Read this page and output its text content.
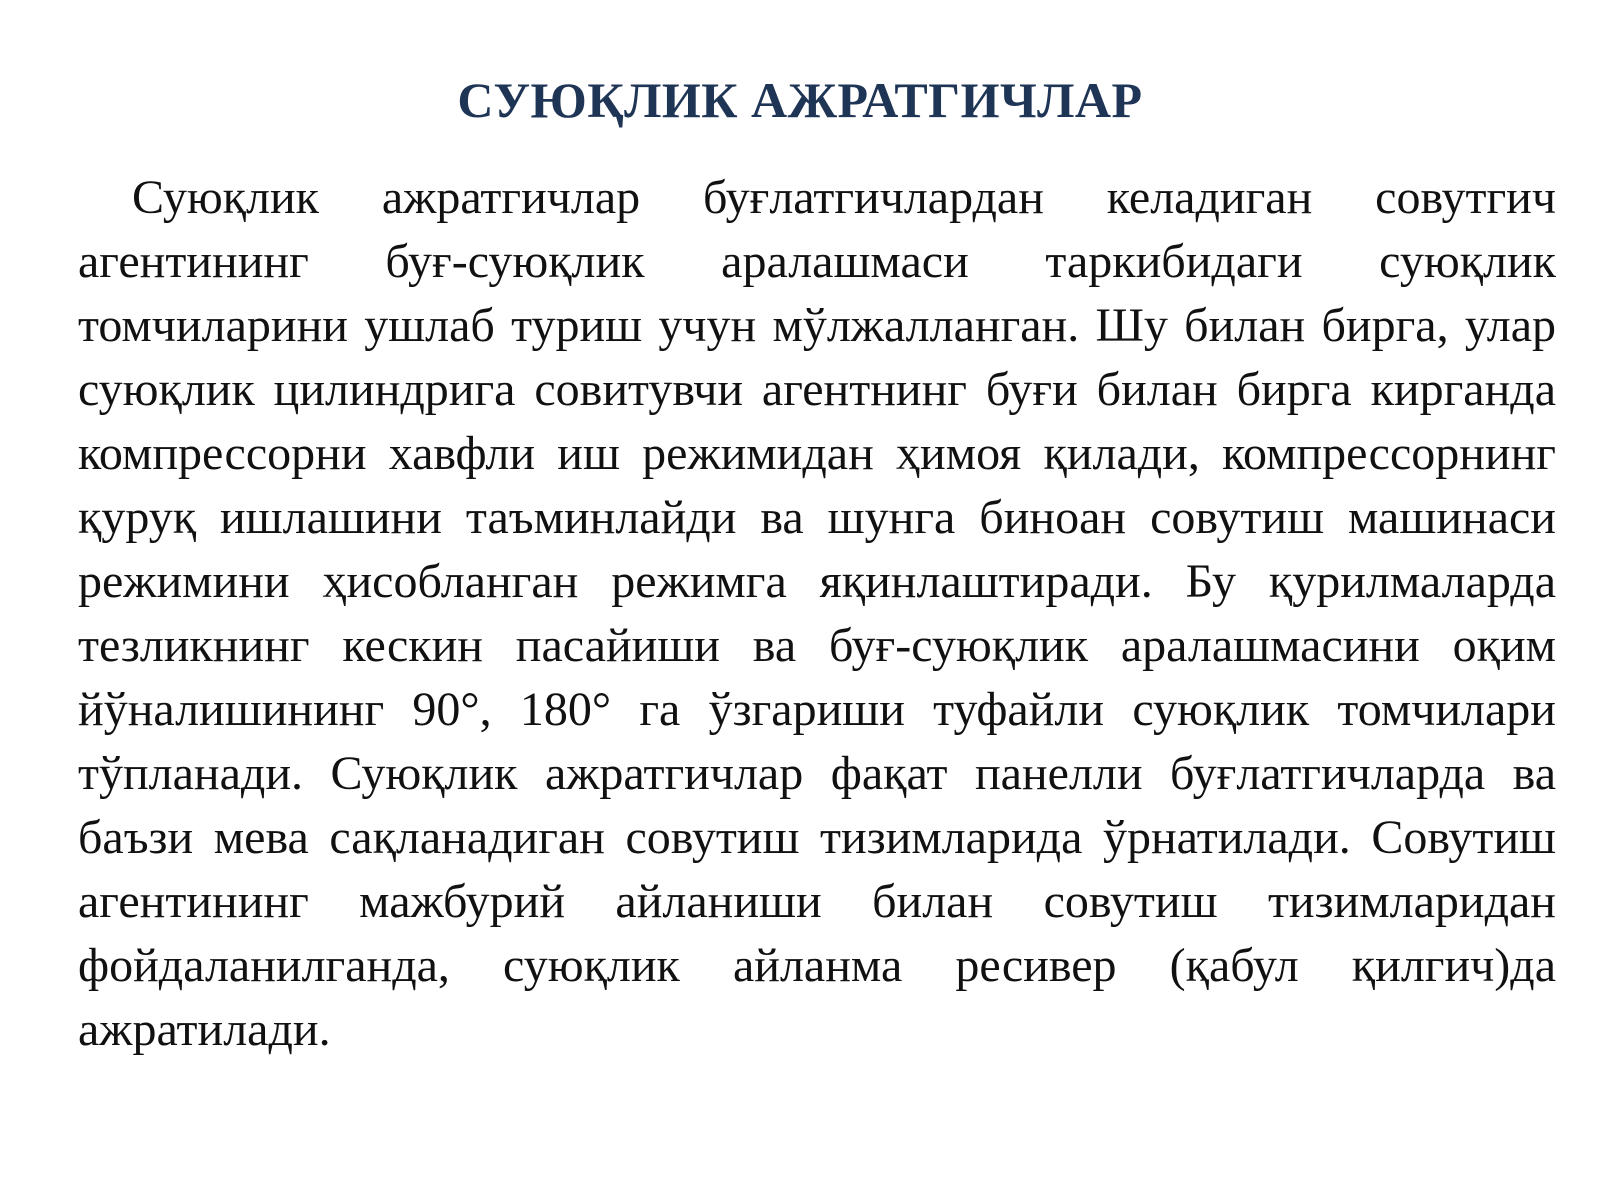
СУЮҚЛИК АЖРАТГИЧЛАР

Суюқлик ажратгичлар буғлатгичлардан келадиган совутгич агентининг буғ-суюқлик аралашмаси таркибидаги суюқлик томчиларини ушлаб туриш учун мўлжалланган. Шу билан бирга, улар суюқлик цилиндрига совитувчи агентнинг буғи билан бирга кирганда компрессорни хавфли иш режимидан ҳимоя қилади, компрессорнинг қуруқ ишлашини таъминлайди ва шунга биноан совутиш машинаси режимини ҳисобланган режимга яқинлаштиради. Бу қурилмаларда тезликнинг кескин пасайиши ва буғ-суюқлик аралашмасини оқим йўналишининг 90°, 180° га ўзгариши туфайли суюқлик томчилари тўпланади. Суюқлик ажратгичлар фақат панелли буғлатгичларда ва баъзи мева сақланадиган совутиш тизимларида ўрнатилади. Совутиш агентининг мажбурий айланиши билан совутиш тизимларидан фойдаланилганда, суюқлик айланма ресивер (қабул қилгич)да ажратилади.
